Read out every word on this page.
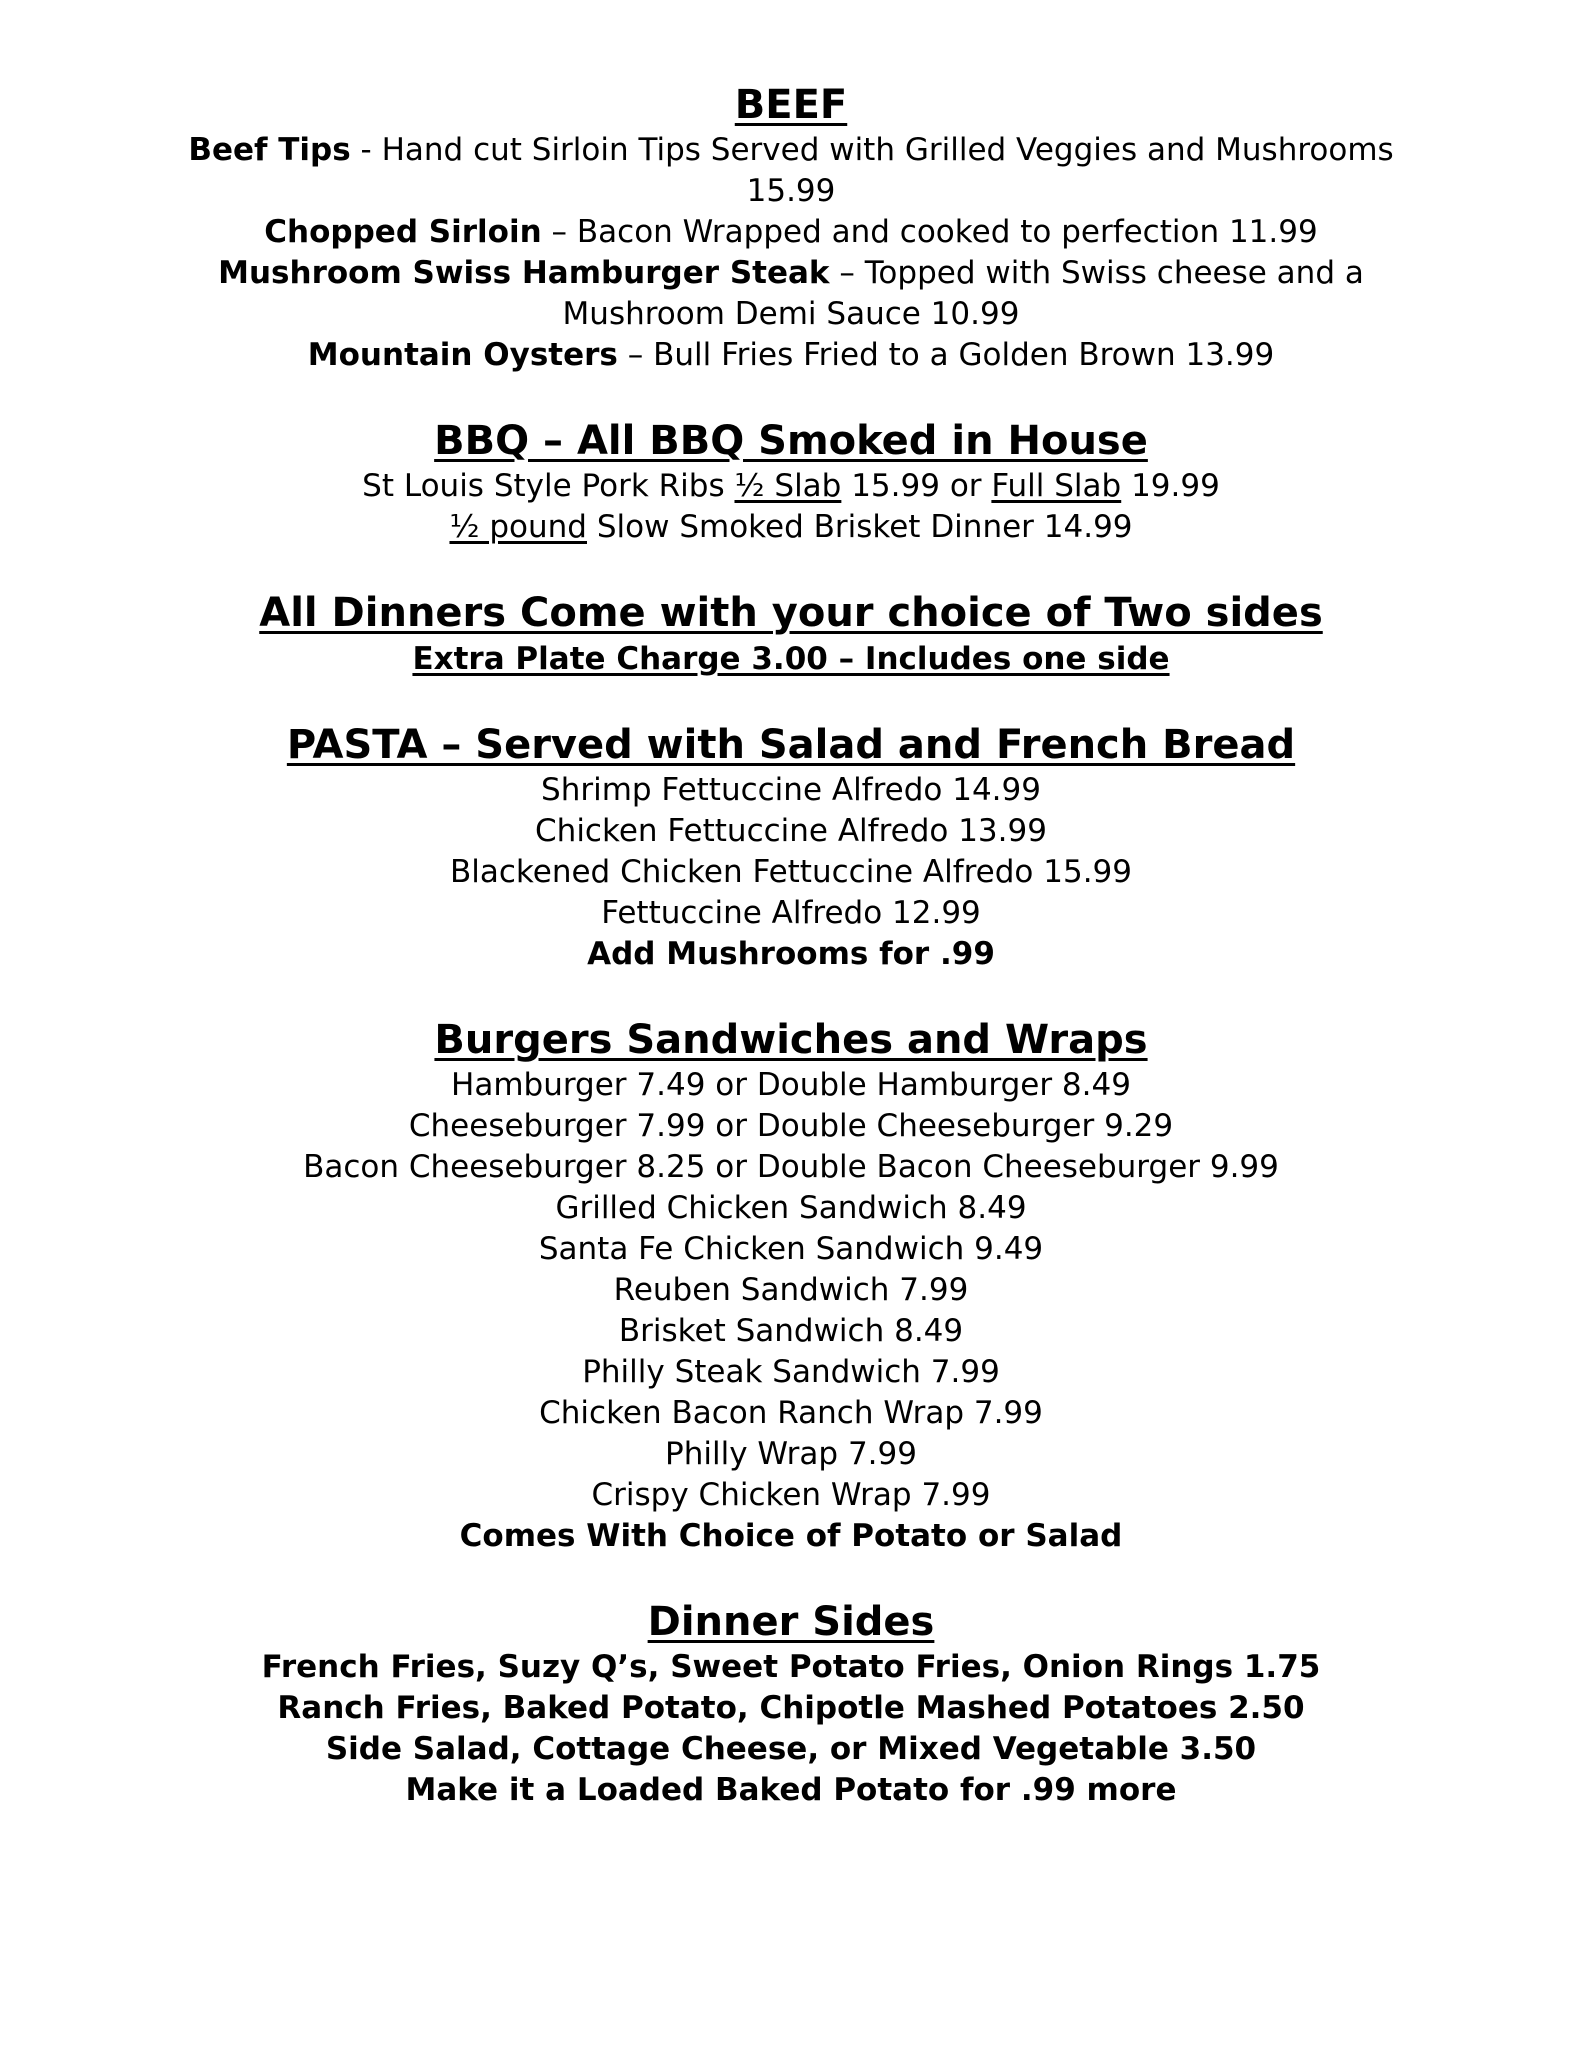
BEEF

Beef Tips - Hand cut Sirloin Tips Served with Grilled Veggies and Mushrooms

15.99

Chopped Sirloin – Bacon Wrapped and cooked to perfection 11.99

Mushroom Swiss Hamburger Steak – Topped with Swiss cheese and a

Mushroom Demi Sauce 10.99

Mountain Oysters – Bull Fries Fried to a Golden Brown 13.99

BBQ – All BBQ Smoked in House

St Louis Style Pork Ribs ½ Slab 15.99 or Full Slab 19.99

½ pound Slow Smoked Brisket Dinner 14.99

All Dinners Come with your choice of Two sides

Extra Plate Charge 3.00 – Includes one side

PASTA – Served with Salad and French Bread

Shrimp Fettuccine Alfredo 14.99

Chicken Fettuccine Alfredo 13.99

Blackened Chicken Fettuccine Alfredo 15.99

Fettuccine Alfredo 12.99

Add Mushrooms for .99

Burgers Sandwiches and Wraps

Hamburger 7.49 or Double Hamburger 8.49

Cheeseburger 7.99 or Double Cheeseburger 9.29

Bacon Cheeseburger 8.25 or Double Bacon Cheeseburger 9.99

Grilled Chicken Sandwich 8.49

Santa Fe Chicken Sandwich 9.49

Reuben Sandwich 7.99

Brisket Sandwich 8.49

Philly Steak Sandwich 7.99

Chicken Bacon Ranch Wrap 7.99

Philly Wrap 7.99

Crispy Chicken Wrap 7.99

Comes With Choice of Potato or Salad

Dinner Sides

French Fries, Suzy Q’s, Sweet Potato Fries, Onion Rings 1.75

Ranch Fries, Baked Potato, Chipotle Mashed Potatoes 2.50

Side Salad, Cottage Cheese, or Mixed Vegetable 3.50

Make it a Loaded Baked Potato for .99 more
